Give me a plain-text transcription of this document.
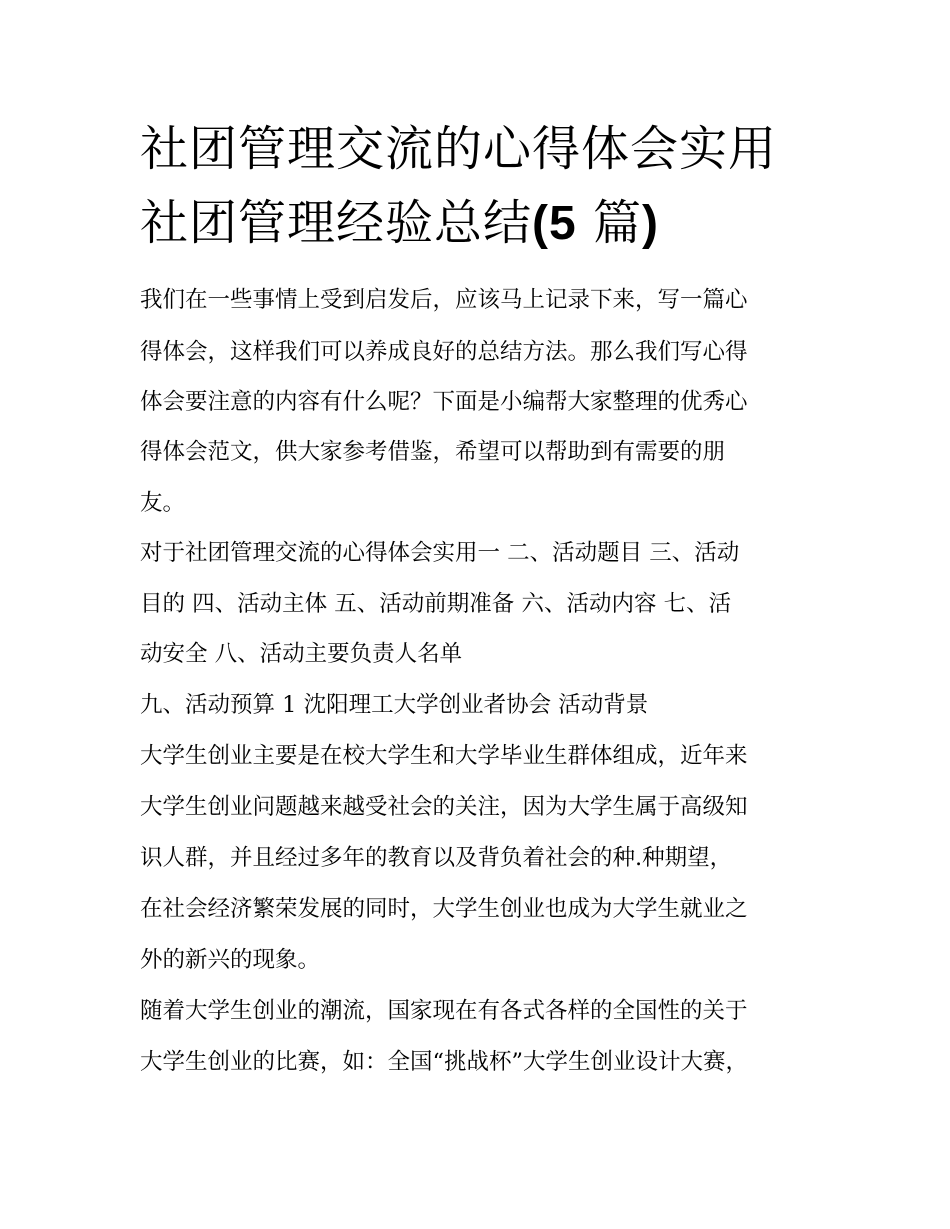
社团管理交流的心得体会实用
社团管理经验总结(5 篇)

我们在一些事情上受到启发后，应该马上记录下来，写一篇心

得体会，这样我们可以养成良好的总结方法。那么我们写心得

体会要注意的内容有什么呢？下面是小编帮大家整理的优秀心

得体会范文，供大家参考借鉴，希望可以帮助到有需要的朋

友。

对于社团管理交流的心得体会实用一 二、活动题目 三、活动

目的 四、活动主体 五、活动前期准备 六、活动内容 七、活

动安全 八、活动主要负责人名单

九、活动预算 1 沈阳理工大学创业者协会 活动背景

大学生创业主要是在校大学生和大学毕业生群体组成，近年来

大学生创业问题越来越受社会的关注，因为大学生属于高级知

识人群，并且经过多年的教育以及背负着社会的种.种期望，

在社会经济繁荣发展的同时，大学生创业也成为大学生就业之

外的新兴的现象。

随着大学生创业的潮流，国家现在有各式各样的全国性的关于

大学生创业的比赛，如：全国“挑战杯”大学生创业设计大赛，
